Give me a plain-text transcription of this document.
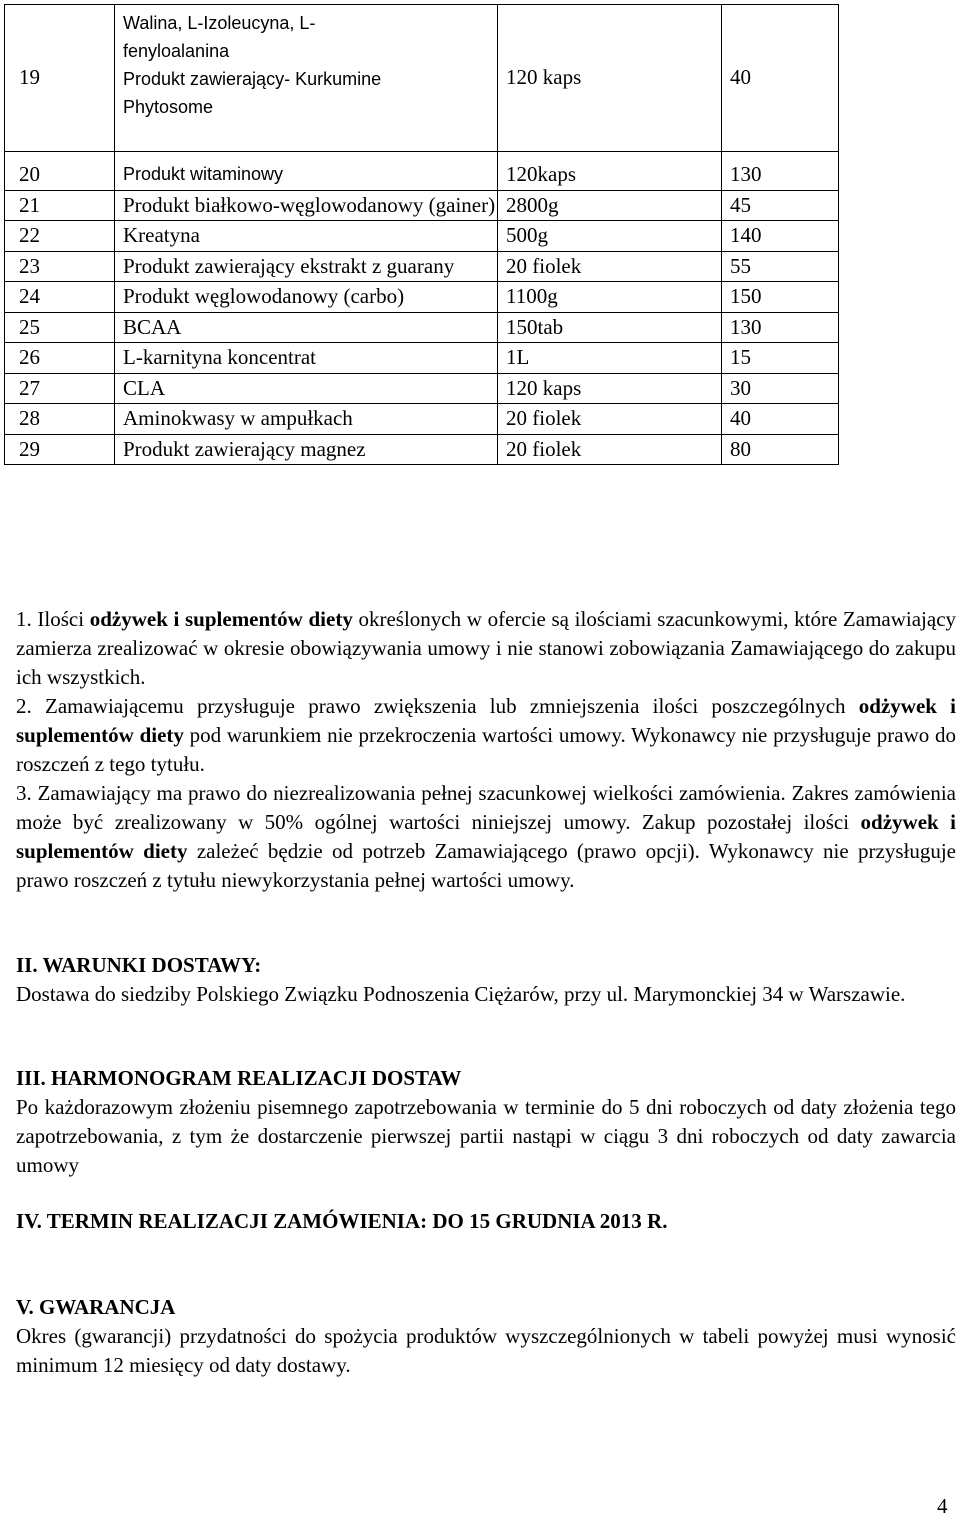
19	Walina, L-Izoleucyna, L-
fenyloalanina
Produkt zawierający- Kurkumine
Phytosome	120 kaps	40
20	Produkt witaminowy	120kaps	130
21	Produkt białkowo-węglowodanowy (gainer)	2800g	45
22	Kreatyna	500g	140
23	Produkt zawierający ekstrakt z guarany	20 fiolek	55
24	Produkt węglowodanowy (carbo)	1100g	150
25	BCAA	150tab	130
26	L-karnityna koncentrat	1L	15
27	CLA	120 kaps	30
28	Aminokwasy w ampułkach	20 fiolek	40
29	Produkt zawierający magnez	20 fiolek	80

1. Ilości odżywek i suplementów diety określonych w ofercie są ilościami szacunkowymi, które Zamawiający zamierza zrealizować w okresie obowiązywania umowy i nie stanowi zobowiązania Zamawiającego do zakupu ich wszystkich.

2. Zamawiającemu przysługuje prawo zwiększenia lub zmniejszenia ilości poszczególnych odżywek i suplementów diety pod warunkiem nie przekroczenia wartości umowy. Wykonawcy nie przysługuje prawo do roszczeń z tego tytułu.

3. Zamawiający ma prawo do niezrealizowania pełnej szacunkowej wielkości zamówienia. Zakres zamówienia może być zrealizowany w 50% ogólnej wartości niniejszej umowy. Zakup pozostałej ilości odżywek i suplementów diety zależeć będzie od potrzeb Zamawiającego (prawo opcji). Wykonawcy nie przysługuje prawo roszczeń z tytułu niewykorzystania pełnej wartości umowy.

II. WARUNKI DOSTAWY:
Dostawa do siedziby Polskiego Związku Podnoszenia Ciężarów, przy ul. Marymonckiej 34 w Warszawie.
III. HARMONOGRAM REALIZACJI DOSTAW
Po każdorazowym złożeniu pisemnego zapotrzebowania w terminie do 5 dni roboczych od daty złożenia tego zapotrzebowania, z tym że dostarczenie pierwszej partii nastąpi w ciągu 3 dni roboczych od daty zawarcia umowy
IV. TERMIN REALIZACJI ZAMÓWIENIA: DO 15 GRUDNIA 2013 R.
V. GWARANCJA
Okres (gwarancji) przydatności do spożycia produktów wyszczególnionych w tabeli powyżej musi wynosić minimum 12 miesięcy od daty dostawy.
4
